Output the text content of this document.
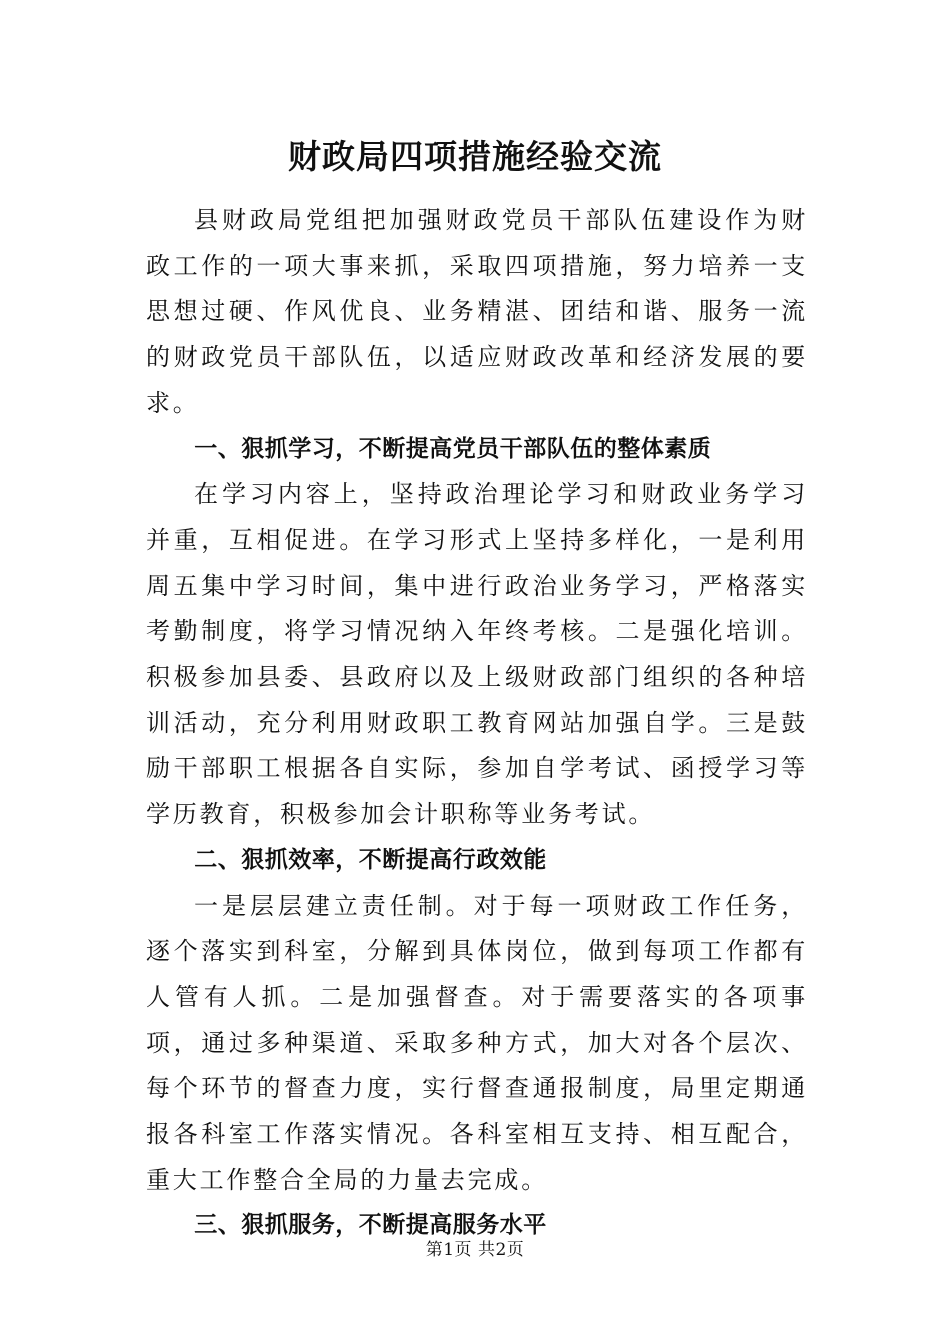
财政局四项措施经验交流

县财政局党组把加强财政党员干部队伍建设作为财政工作的一项大事来抓，采取四项措施，努力培养一支思想过硬、作风优良、业务精湛、团结和谐、服务一流的财政党员干部队伍，以适应财政改革和经济发展的要求。

一、狠抓学习，不断提高党员干部队伍的整体素质

在学习内容上，坚持政治理论学习和财政业务学习并重，互相促进。在学习形式上坚持多样化，一是利用周五集中学习时间，集中进行政治业务学习，严格落实考勤制度，将学习情况纳入年终考核。二是强化培训。积极参加县委、县政府以及上级财政部门组织的各种培训活动，充分利用财政职工教育网站加强自学。三是鼓励干部职工根据各自实际，参加自学考试、函授学习等学历教育，积极参加会计职称等业务考试。

二、狠抓效率，不断提高行政效能

一是层层建立责任制。对于每一项财政工作任务，逐个落实到科室，分解到具体岗位，做到每项工作都有人管有人抓。二是加强督查。对于需要落实的各项事项，通过多种渠道、采取多种方式，加大对各个层次、每个环节的督查力度，实行督查通报制度，局里定期通报各科室工作落实情况。各科室相互支持、相互配合，重大工作整合全局的力量去完成。

三、狠抓服务，不断提高服务水平

第1页 共2页
